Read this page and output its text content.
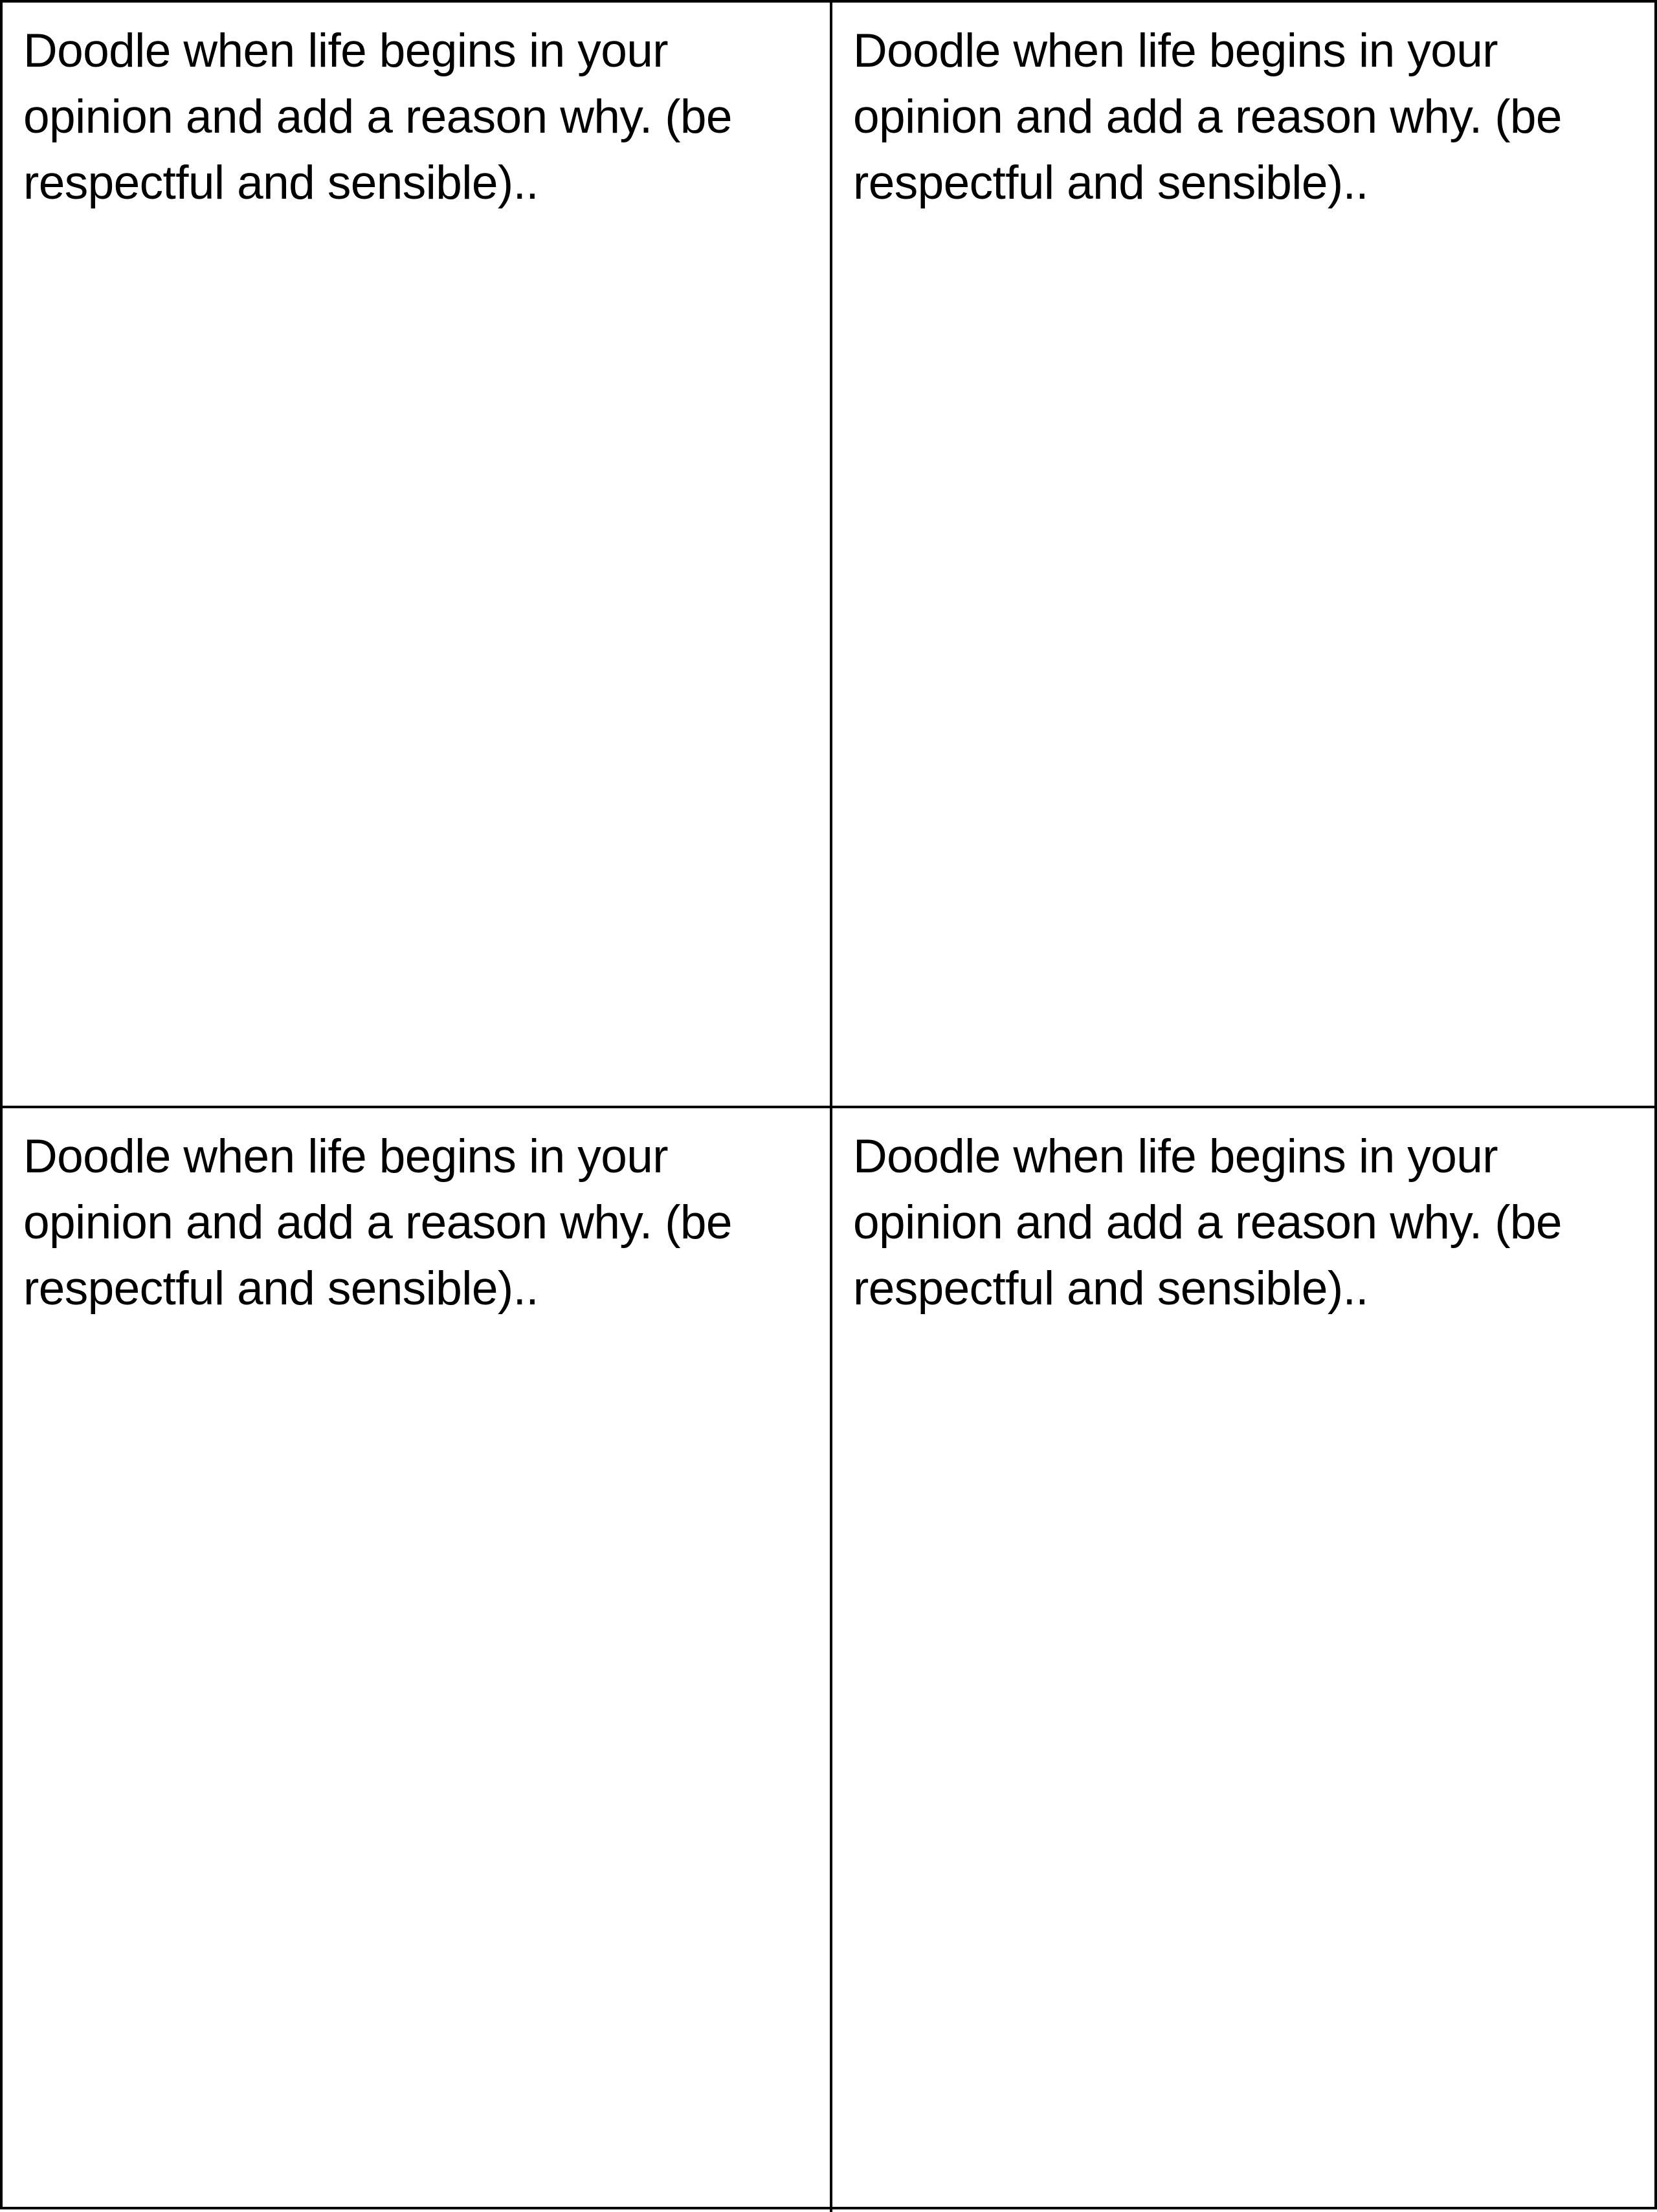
Doodle when life begins in your opinion and add a reason why. (be respectful and sensible)..

Doodle when life begins in your opinion and add a reason why. (be respectful and sensible)..

Doodle when life begins in your opinion and add a reason why. (be respectful and sensible)..

Doodle when life begins in your opinion and add a reason why. (be respectful and sensible)..
